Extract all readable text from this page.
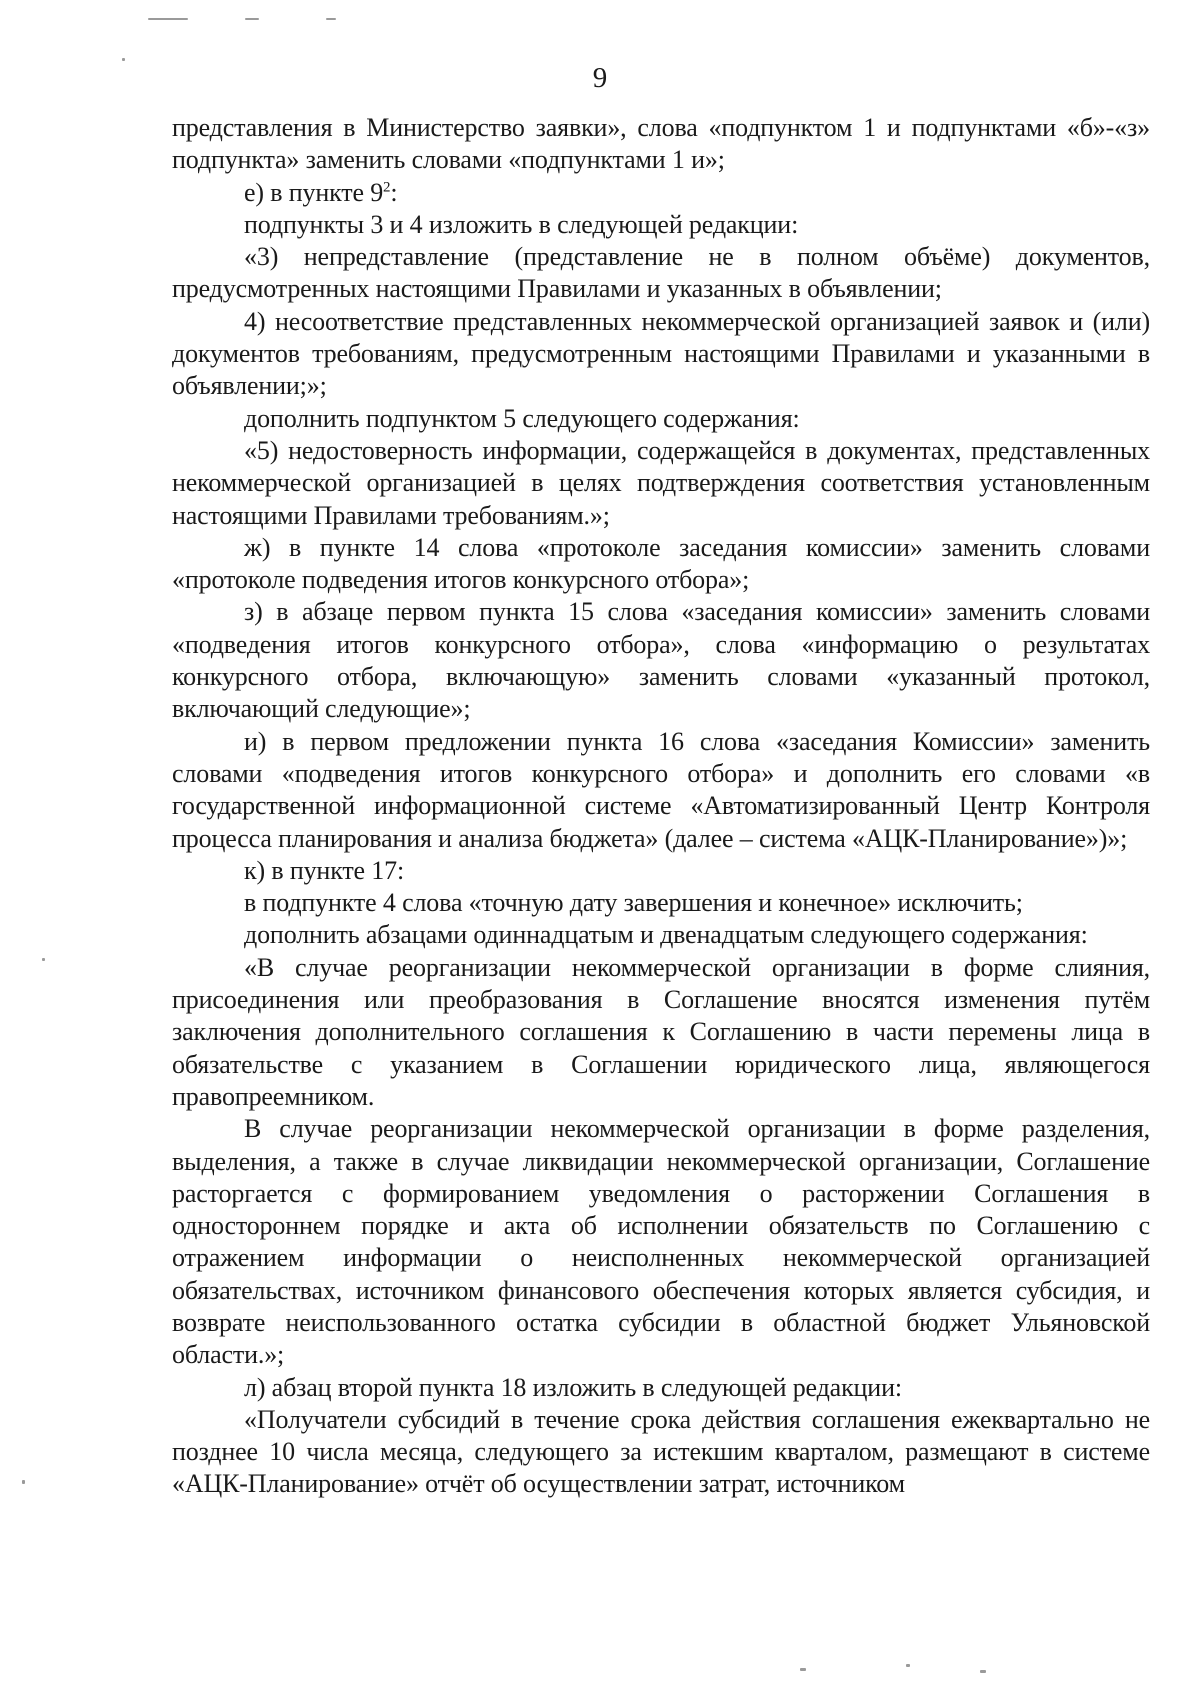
9

представления в Министерство заявки», слова «подпунктом 1 и подпунктами «б»-«з» подпункта» заменить словами «подпунктами 1 и»;

е) в пункте $9^2$:

подпункты 3 и 4 изложить в следующей редакции:

«3) непредставление (представление не в полном объёме) документов, предусмотренных настоящими Правилами и указанных в объявлении;

4) несоответствие представленных некоммерческой организацией заявок и (или) документов требованиям, предусмотренным настоящими Правилами и указанными в объявлении;»;

дополнить подпунктом 5 следующего содержания:

«5) недостоверность информации, содержащейся в документах, представленных некоммерческой организацией в целях подтверждения соответствия установленным настоящими Правилами требованиям.»;

ж) в пункте 14 слова «протоколе заседания комиссии» заменить словами «протоколе подведения итогов конкурсного отбора»;

з) в абзаце первом пункта 15 слова «заседания комиссии» заменить словами «подведения итогов конкурсного отбора», слова «информацию о результатах конкурсного отбора, включающую» заменить словами «указанный протокол, включающий следующие»;

и) в первом предложении пункта 16 слова «заседания Комиссии» заменить словами «подведения итогов конкурсного отбора» и дополнить его словами «в государственной информационной системе «Автоматизированный Центр Контроля процесса планирования и анализа бюджета» (далее – система «АЦК-Планирование»)»;

к) в пункте 17:

в подпункте 4 слова «точную дату завершения и конечное» исключить;

дополнить абзацами одиннадцатым и двенадцатым следующего содержания:

«В случае реорганизации некоммерческой организации в форме слияния, присоединения или преобразования в Соглашение вносятся изменения путём заключения дополнительного соглашения к Соглашению в части перемены лица в обязательстве с указанием в Соглашении юридического лица, являющегося правопреемником.

В случае реорганизации некоммерческой организации в форме разделения, выделения, а также в случае ликвидации некоммерческой организации, Соглашение расторгается с формированием уведомления о расторжении Соглашения в одностороннем порядке и акта об исполнении обязательств по Соглашению с отражением информации о неисполненных некоммерческой организацией обязательствах, источником финансового обеспечения которых является субсидия, и возврате неиспользованного остатка субсидии в областной бюджет Ульяновской области.»;

л) абзац второй пункта 18 изложить в следующей редакции:

«Получатели субсидий в течение срока действия соглашения ежеквартально не позднее 10 числа месяца, следующего за истекшим кварталом, размещают в системе «АЦК-Планирование» отчёт об осуществлении затрат, источником
